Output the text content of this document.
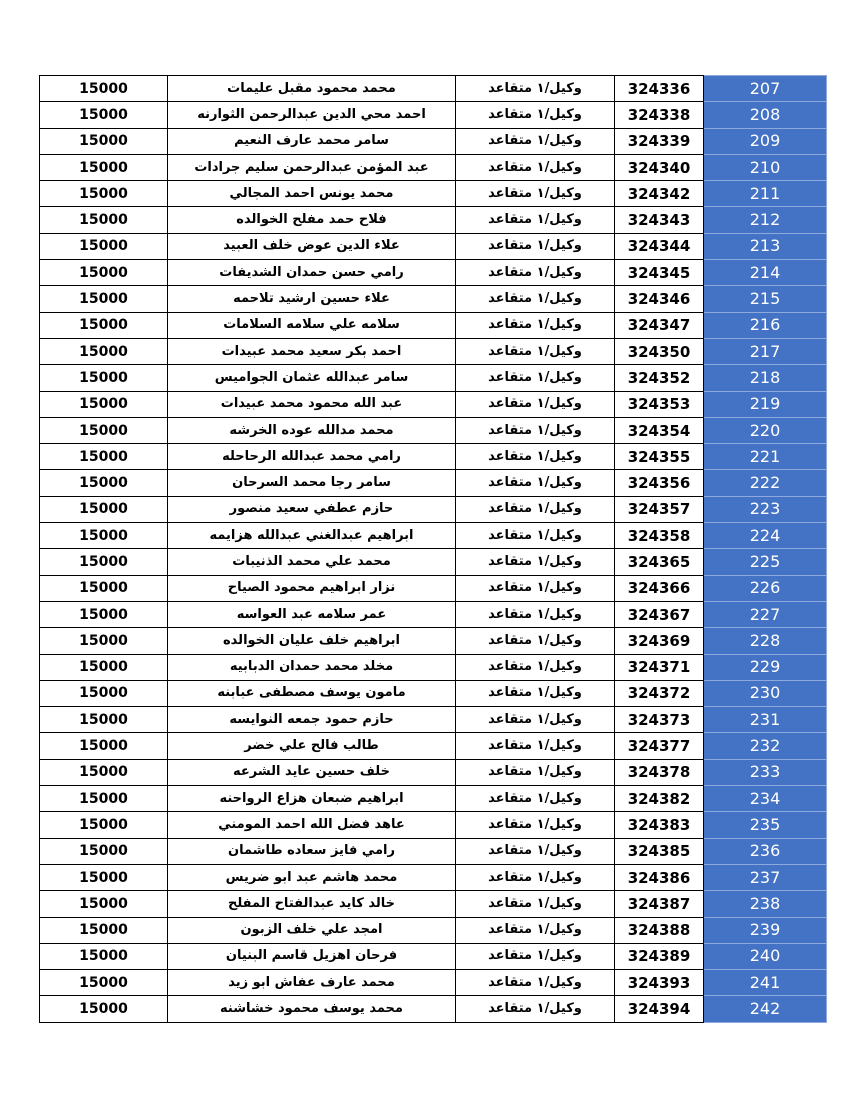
15000	محمد محمود مقبل عليمات	وكيل/١ متقاعد	324336	207
15000	احمد محي الدين عبدالرحمن الثوارنه	وكيل/١ متقاعد	324338	208
15000	سامر محمد عارف النعيم	وكيل/١ متقاعد	324339	209
15000	عبد المؤمن عبدالرحمن سليم جرادات	وكيل/١ متقاعد	324340	210
15000	محمد يونس احمد المجالي	وكيل/١ متقاعد	324342	211
15000	فلاح حمد مفلح الخوالده	وكيل/١ متقاعد	324343	212
15000	علاء الدين عوض خلف العبيد	وكيل/١ متقاعد	324344	213
15000	رامي حسن حمدان الشديفات	وكيل/١ متقاعد	324345	214
15000	علاء حسين ارشيد تلاحمه	وكيل/١ متقاعد	324346	215
15000	سلامه علي سلامه السلامات	وكيل/١ متقاعد	324347	216
15000	احمد بكر سعيد محمد عبيدات	وكيل/١ متقاعد	324350	217
15000	سامر عبدالله عثمان الجواميس	وكيل/١ متقاعد	324352	218
15000	عبد الله محمود محمد عبيدات	وكيل/١ متقاعد	324353	219
15000	محمد مدالله عوده الخرشه	وكيل/١ متقاعد	324354	220
15000	رامي محمد عبدالله الرحاحله	وكيل/١ متقاعد	324355	221
15000	سامر رجا محمد السرحان	وكيل/١ متقاعد	324356	222
15000	حازم عطفي سعيد منصور	وكيل/١ متقاعد	324357	223
15000	ابراهيم عبدالغني عبدالله هزايمه	وكيل/١ متقاعد	324358	224
15000	محمد علي محمد الذنيبات	وكيل/١ متقاعد	324365	225
15000	نزار ابراهيم محمود الصياح	وكيل/١ متقاعد	324366	226
15000	عمر سلامه عبد العواسه	وكيل/١ متقاعد	324367	227
15000	ابراهيم خلف عليان الخوالده	وكيل/١ متقاعد	324369	228
15000	مخلد محمد حمدان الدبابيه	وكيل/١ متقاعد	324371	229
15000	مامون يوسف مصطفى عبابنه	وكيل/١ متقاعد	324372	230
15000	حازم حمود جمعه النوايسه	وكيل/١ متقاعد	324373	231
15000	طالب فالح علي خضر	وكيل/١ متقاعد	324377	232
15000	خلف حسين عايد الشرعه	وكيل/١ متقاعد	324378	233
15000	ابراهيم ضبعان هزاع الرواحنه	وكيل/١ متقاعد	324382	234
15000	عاهد فضل الله احمد المومني	وكيل/١ متقاعد	324383	235
15000	رامي فايز سعاده طاشمان	وكيل/١ متقاعد	324385	236
15000	محمد هاشم عبد ابو ضريس	وكيل/١ متقاعد	324386	237
15000	خالد كايد عبدالفتاح المفلح	وكيل/١ متقاعد	324387	238
15000	امجد علي خلف الزبون	وكيل/١ متقاعد	324388	239
15000	فرحان اهزيل قاسم البنيان	وكيل/١ متقاعد	324389	240
15000	محمد عارف عفاش ابو زيد	وكيل/١ متقاعد	324393	241
15000	محمد يوسف محمود خشاشنه	وكيل/١ متقاعد	324394	242
